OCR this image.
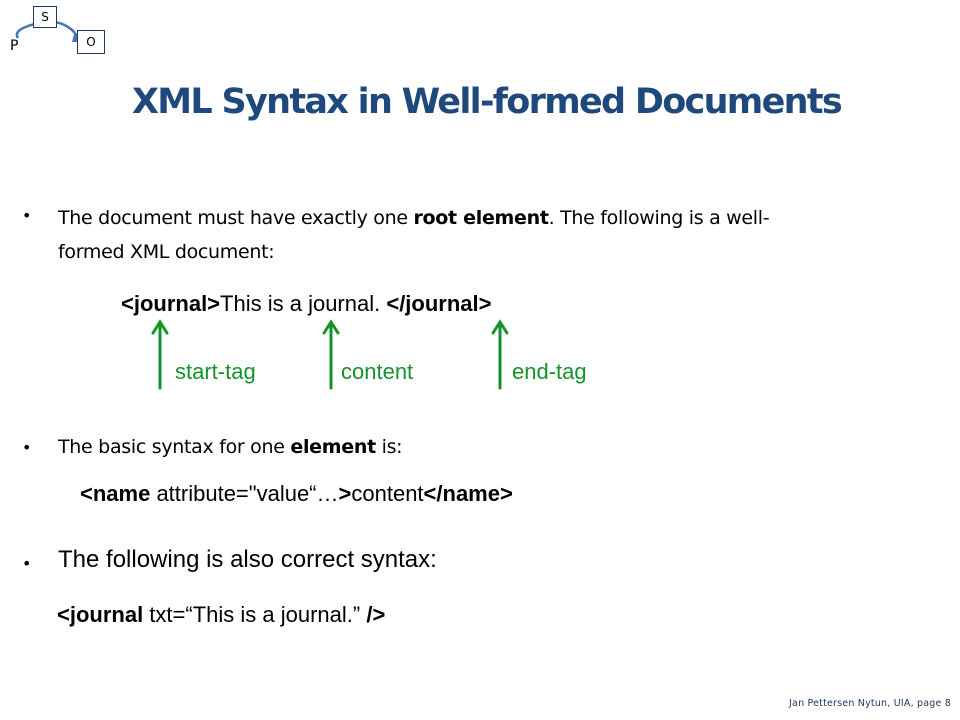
S
O
P
XML Syntax in Well-formed Documents
• The document must have exactly one root element. The following is a well-
formed XML document:
<journal>This is a journal. </journal>
start-tag	content	end-tag
• The basic syntax for one element is:
<name attribute="value“…>content</name>
• The following is also correct syntax:
<journal txt=“This is a journal.” />
Jan Pettersen Nytun, UIA, page 8
